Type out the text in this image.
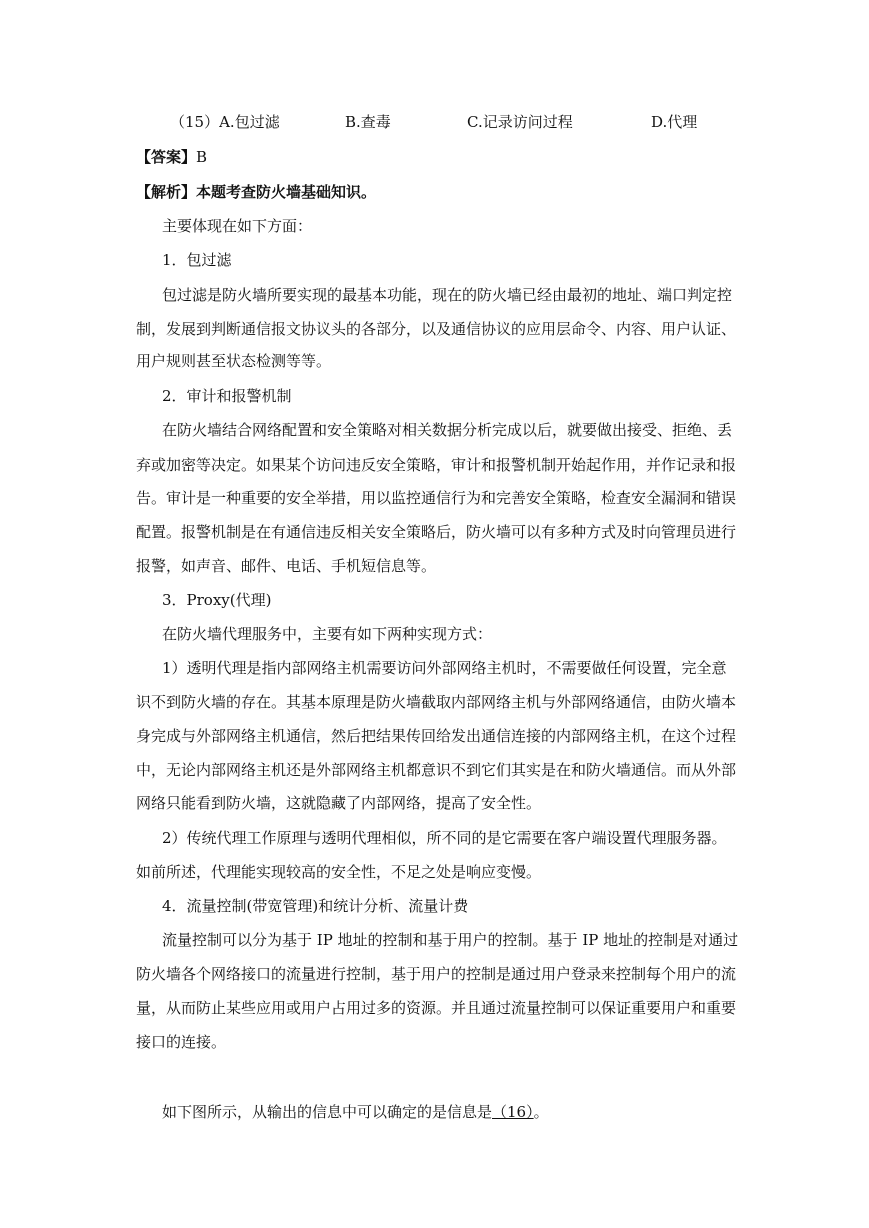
（15）A.包过滤	B.查毒	C.记录访问过程	D.代理
【答案】B
【解析】本题考查防火墙基础知识。
主要体现在如下方面：
1．包过滤
包过滤是防火墙所要实现的最基本功能，现在的防火墙已经由最初的地址、端口判定控
制，发展到判断通信报文协议头的各部分，以及通信协议的应用层命令、内容、用户认证、
用户规则甚至状态检测等等。
2．审计和报警机制
在防火墙结合网络配置和安全策略对相关数据分析完成以后，就要做出接受、拒绝、丢
弃或加密等决定。如果某个访问违反安全策略，审计和报警机制开始起作用，并作记录和报
告。审计是一种重要的安全举措，用以监控通信行为和完善安全策略，检查安全漏洞和错误
配置。报警机制是在有通信违反相关安全策略后，防火墙可以有多种方式及时向管理员进行
报警，如声音、邮件、电话、手机短信息等。
3．Proxy(代理)
在防火墙代理服务中，主要有如下两种实现方式：
1）透明代理是指内部网络主机需要访问外部网络主机时，不需要做任何设置，完全意
识不到防火墙的存在。其基本原理是防火墙截取内部网络主机与外部网络通信，由防火墙本
身完成与外部网络主机通信，然后把结果传回给发出通信连接的内部网络主机，在这个过程
中，无论内部网络主机还是外部网络主机都意识不到它们其实是在和防火墙通信。而从外部
网络只能看到防火墙，这就隐藏了内部网络，提高了安全性。
2）传统代理工作原理与透明代理相似，所不同的是它需要在客户端设置代理服务器。
如前所述，代理能实现较高的安全性，不足之处是响应变慢。
4．流量控制(带宽管理)和统计分析、流量计费
流量控制可以分为基于 IP 地址的控制和基于用户的控制。基于 IP 地址的控制是对通过
防火墙各个网络接口的流量进行控制，基于用户的控制是通过用户登录来控制每个用户的流
量，从而防止某些应用或用户占用过多的资源。并且通过流量控制可以保证重要用户和重要
接口的连接。
如下图所示，从输出的信息中可以确定的是信息是（16）。
